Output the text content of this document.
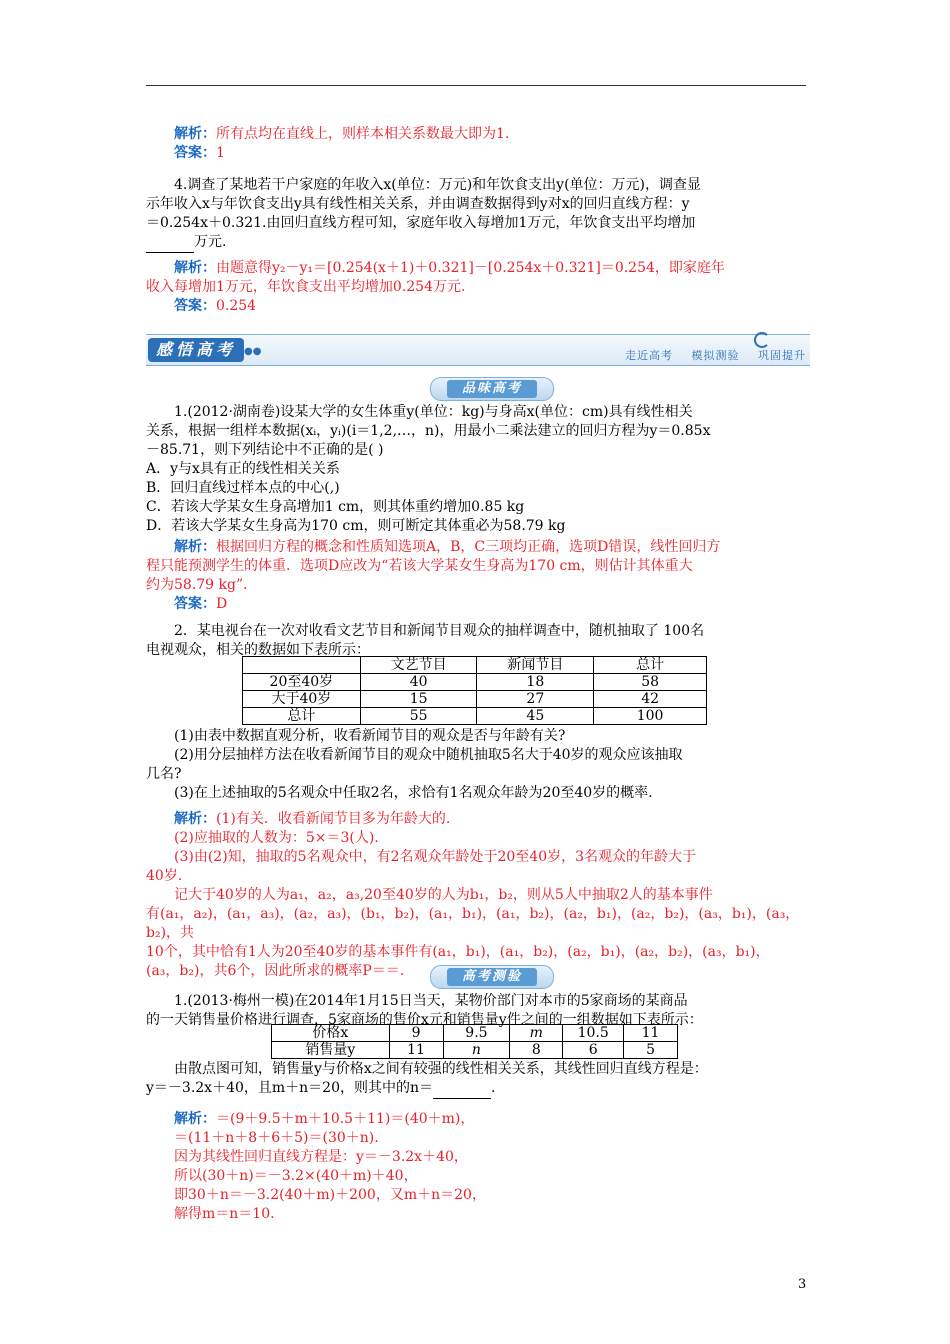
解析：所有点均在直线上，则样本相关系数最大即为1.

答案：1

4.调查了某地若干户家庭的年收入x(单位：万元)和年饮食支出y(单位：万元)，调查显

示年收入x与年饮食支出y具有线性相关关系，并由调查数据得到y对x的回归直线方程：y

＝0.254x＋0.321.由回归直线方程可知，家庭年收入每增加1万元，年饮食支出平均增加

万元.

解析：由题意得y₂－y₁＝[0.254(x＋1)＋0.321]－[0.254x＋0.321]＝0.254，即家庭年

收入每增加1万元，年饮食支出平均增加0.254万元.

答案：0.254

感悟高考 ●●	走近高考 模拟测验 巩固提升
品味高考

1.(2012·湖南卷)设某大学的女生体重y(单位：kg)与身高x(单位：cm)具有线性相关

关系，根据一组样本数据(xᵢ，yᵢ)(i＝1,2,…，n)，用最小二乘法建立的回归方程为y＝0.85x

－85.71，则下列结论中不正确的是( )

A．y与x具有正的线性相关关系

B．回归直线过样本点的中心(,)

C．若该大学某女生身高增加1 cm，则其体重约增加0.85 kg

D．若该大学某女生身高为170 cm，则可断定其体重必为58.79 kg

解析：根据回归方程的概念和性质知选项A，B，C三项均正确，选项D错误，线性回归方

程只能预测学生的体重．选项D应改为“若该大学某女生身高为170 cm，则估计其体重大

约为58.79 kg”．

答案：D

2．某电视台在一次对收看文艺节目和新闻节目观众的抽样调查中，随机抽取了 100名

电视观众，相关的数据如下表所示：

	文艺节目	新闻节目	总计
20至40岁	40	18	58
大于40岁	15	27	42
总计	55	45	100

(1)由表中数据直观分析，收看新闻节目的观众是否与年龄有关?

(2)用分层抽样方法在收看新闻节目的观众中随机抽取5名大于40岁的观众应该抽取

几名?

(3)在上述抽取的5名观众中任取2名，求恰有1名观众年龄为20至40岁的概率.

解析：(1)有关．收看新闻节目多为年龄大的.

(2)应抽取的人数为：5×＝3(人).

(3)由(2)知，抽取的5名观众中，有2名观众年龄处于20至40岁，3名观众的年龄大于

40岁.

记大于40岁的人为a₁，a₂，a₃,20至40岁的人为b₁，b₂，则从5人中抽取2人的基本事件

有(a₁，a₂)，(a₁，a₃)，(a₂，a₃)，(b₁，b₂)，(a₁，b₁)，(a₁，b₂)，(a₂，b₁)，(a₂，b₂)，(a₃，b₁)，(a₃，b₂)，共

10个，其中恰有1人为20至40岁的基本事件有(a₁，b₁)，(a₁，b₂)，(a₂，b₁)，(a₂，b₂)，(a₃，b₁)，

(a₃，b₂)，共6个，因此所求的概率P＝＝.	高考测验

1.(2013·梅州一模)在2014年1月15日当天，某物价部门对本市的5家商场的某商品

的一天销售量价格进行调查，5家商场的售价x元和销售量y件之间的一组数据如下表所示：

价格x	9	9.5	m	10.5	11
销售量y	11	n	8	6	5

由散点图可知，销售量y与价格x之间有较强的线性相关关系，其线性回归直线方程是：

y＝－3.2x＋40，且m＋n＝20，则其中的n＝	.

解析：＝(9＋9.5＋m＋10.5＋11)＝(40＋m)，

＝(11＋n＋8＋6＋5)＝(30＋n).

因为其线性回归直线方程是：y＝－3.2x＋40，

所以(30＋n)＝－3.2×(40＋m)＋40，

即30＋n＝－3.2(40＋m)＋200，又m＋n＝20，

解得m＝n＝10.

3
